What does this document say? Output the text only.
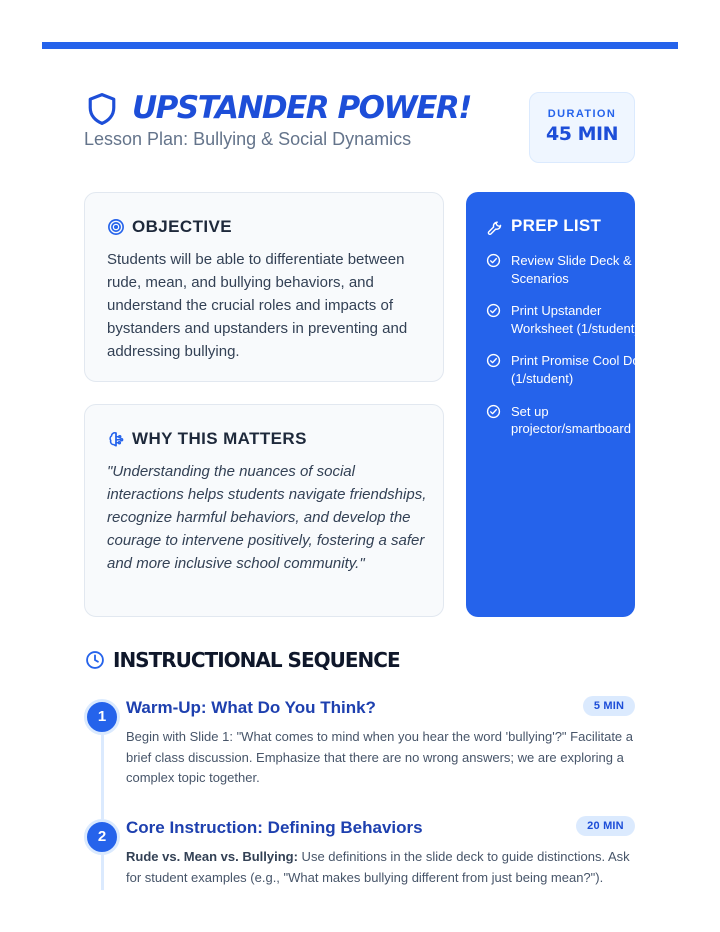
UPSTANDER POWER!
Lesson Plan: Bullying & Social Dynamics
DURATION
45 MIN
OBJECTIVE

Students will be able to differentiate between rude, mean, and bullying behaviors, and understand the crucial roles and impacts of bystanders and upstanders in preventing and addressing bullying.

WHY THIS MATTERS

"Understanding the nuances of social interactions helps students navigate friendships, recognize harmful behaviors, and develop the courage to intervene positively, fostering a safer and more inclusive school community."

PREP LIST
Review Slide Deck & Scenarios
Print Upstander Worksheet (1/student)
Print Promise Cool Down (1/student)
Set up projector/smartboard
INSTRUCTIONAL SEQUENCE
1	Warm-Up: What Do You Think?	5 MIN

Begin with Slide 1: "What comes to mind when you hear the word 'bullying'?" Facilitate a brief class discussion. Emphasize that there are no wrong answers; we are exploring a complex topic together.

2	Core Instruction: Defining Behaviors	20 MIN

Rude vs. Mean vs. Bullying: Use definitions in the slide deck to guide distinctions. Ask for student examples (e.g., "What makes bullying different from just being mean?").
